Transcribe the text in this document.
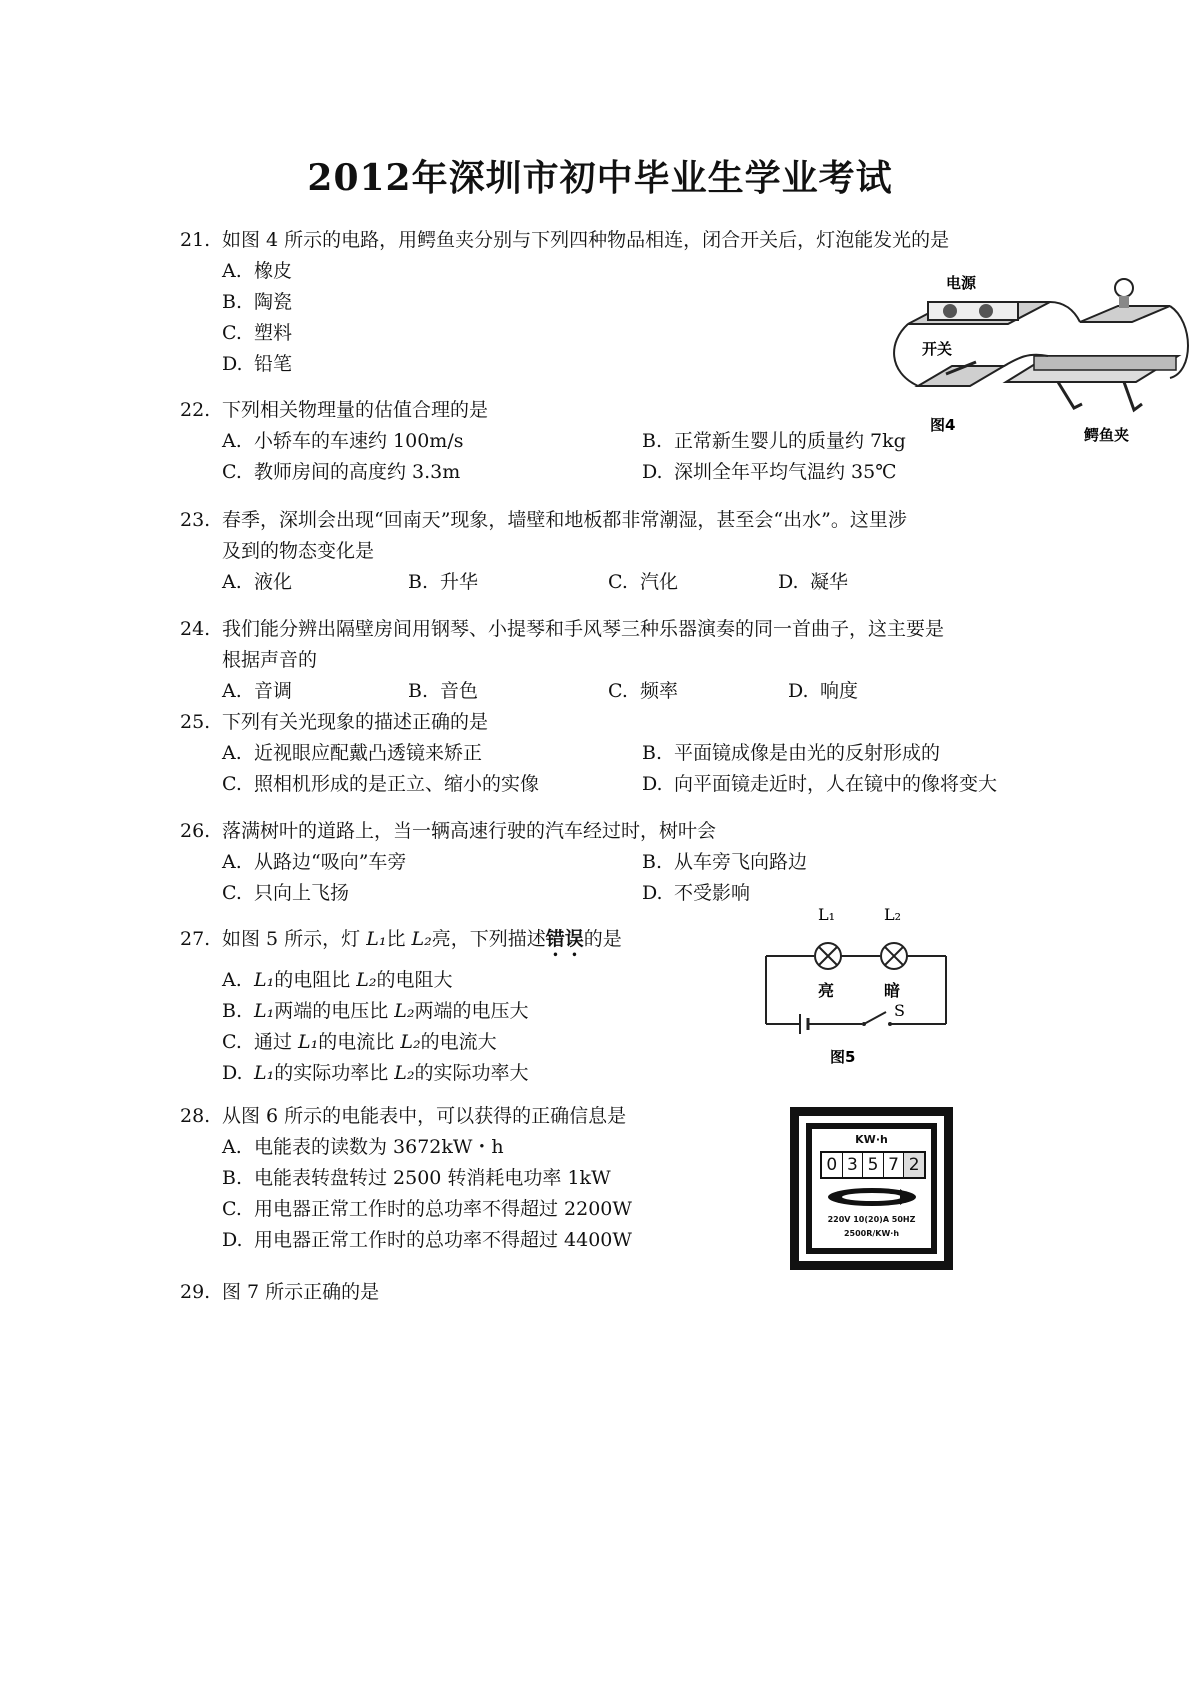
2012年深圳市初中毕业生学业考试
21. 如图 4 所示的电路，用鳄鱼夹分别与下列四种物品相连，闭合开关后，灯泡能发光的是
A. 橡皮
B. 陶瓷
C. 塑料
D. 铅笔
22. 下列相关物理量的估值合理的是
A. 小轿车的车速约 100m/s	B. 正常新生婴儿的质量约 7kg
C. 教师房间的高度约 3.3m	D. 深圳全年平均气温约 35℃
23. 春季，深圳会出现“回南天”现象，墙壁和地板都非常潮湿，甚至会“出水”。这里涉
及到的物态变化是
A. 液化	B. 升华	C. 汽化	D. 凝华
24. 我们能分辨出隔壁房间用钢琴、小提琴和手风琴三种乐器演奏的同一首曲子，这主要是
根据声音的
A. 音调	B. 音色	C. 频率	D. 响度
25. 下列有关光现象的描述正确的是
A. 近视眼应配戴凸透镜来矫正	B. 平面镜成像是由光的反射形成的
C. 照相机形成的是正立、缩小的实像	D. 向平面镜走近时，人在镜中的像将变大
26. 落满树叶的道路上，当一辆高速行驶的汽车经过时，树叶会
A. 从路边“吸向”车旁	B. 从车旁飞向路边
C. 只向上飞扬	D. 不受影响
27. 如图 5 所示，灯 L₁比 L₂亮，下列描述错误的是
A. L₁的电阻比 L₂的电阻大
B. L₁两端的电压比 L₂两端的电压大
C. 通过 L₁的电流比 L₂的电流大
D. L₁的实际功率比 L₂的实际功率大
28. 从图 6 所示的电能表中，可以获得的正确信息是
A. 电能表的读数为 3672kW・h
B. 电能表转盘转过 2500 转消耗电功率 1kW
C. 用电器正常工作时的总功率不得超过 2200W
D. 用电器正常工作时的总功率不得超过 4400W
29. 图 7 所示正确的是
电源
开关
图4
鳄鱼夹
L₁	L₂
亮	暗
S
图5
KW·h
0 3 5 7 2
220V 10(20)A 50HZ
2500R/KW·h
